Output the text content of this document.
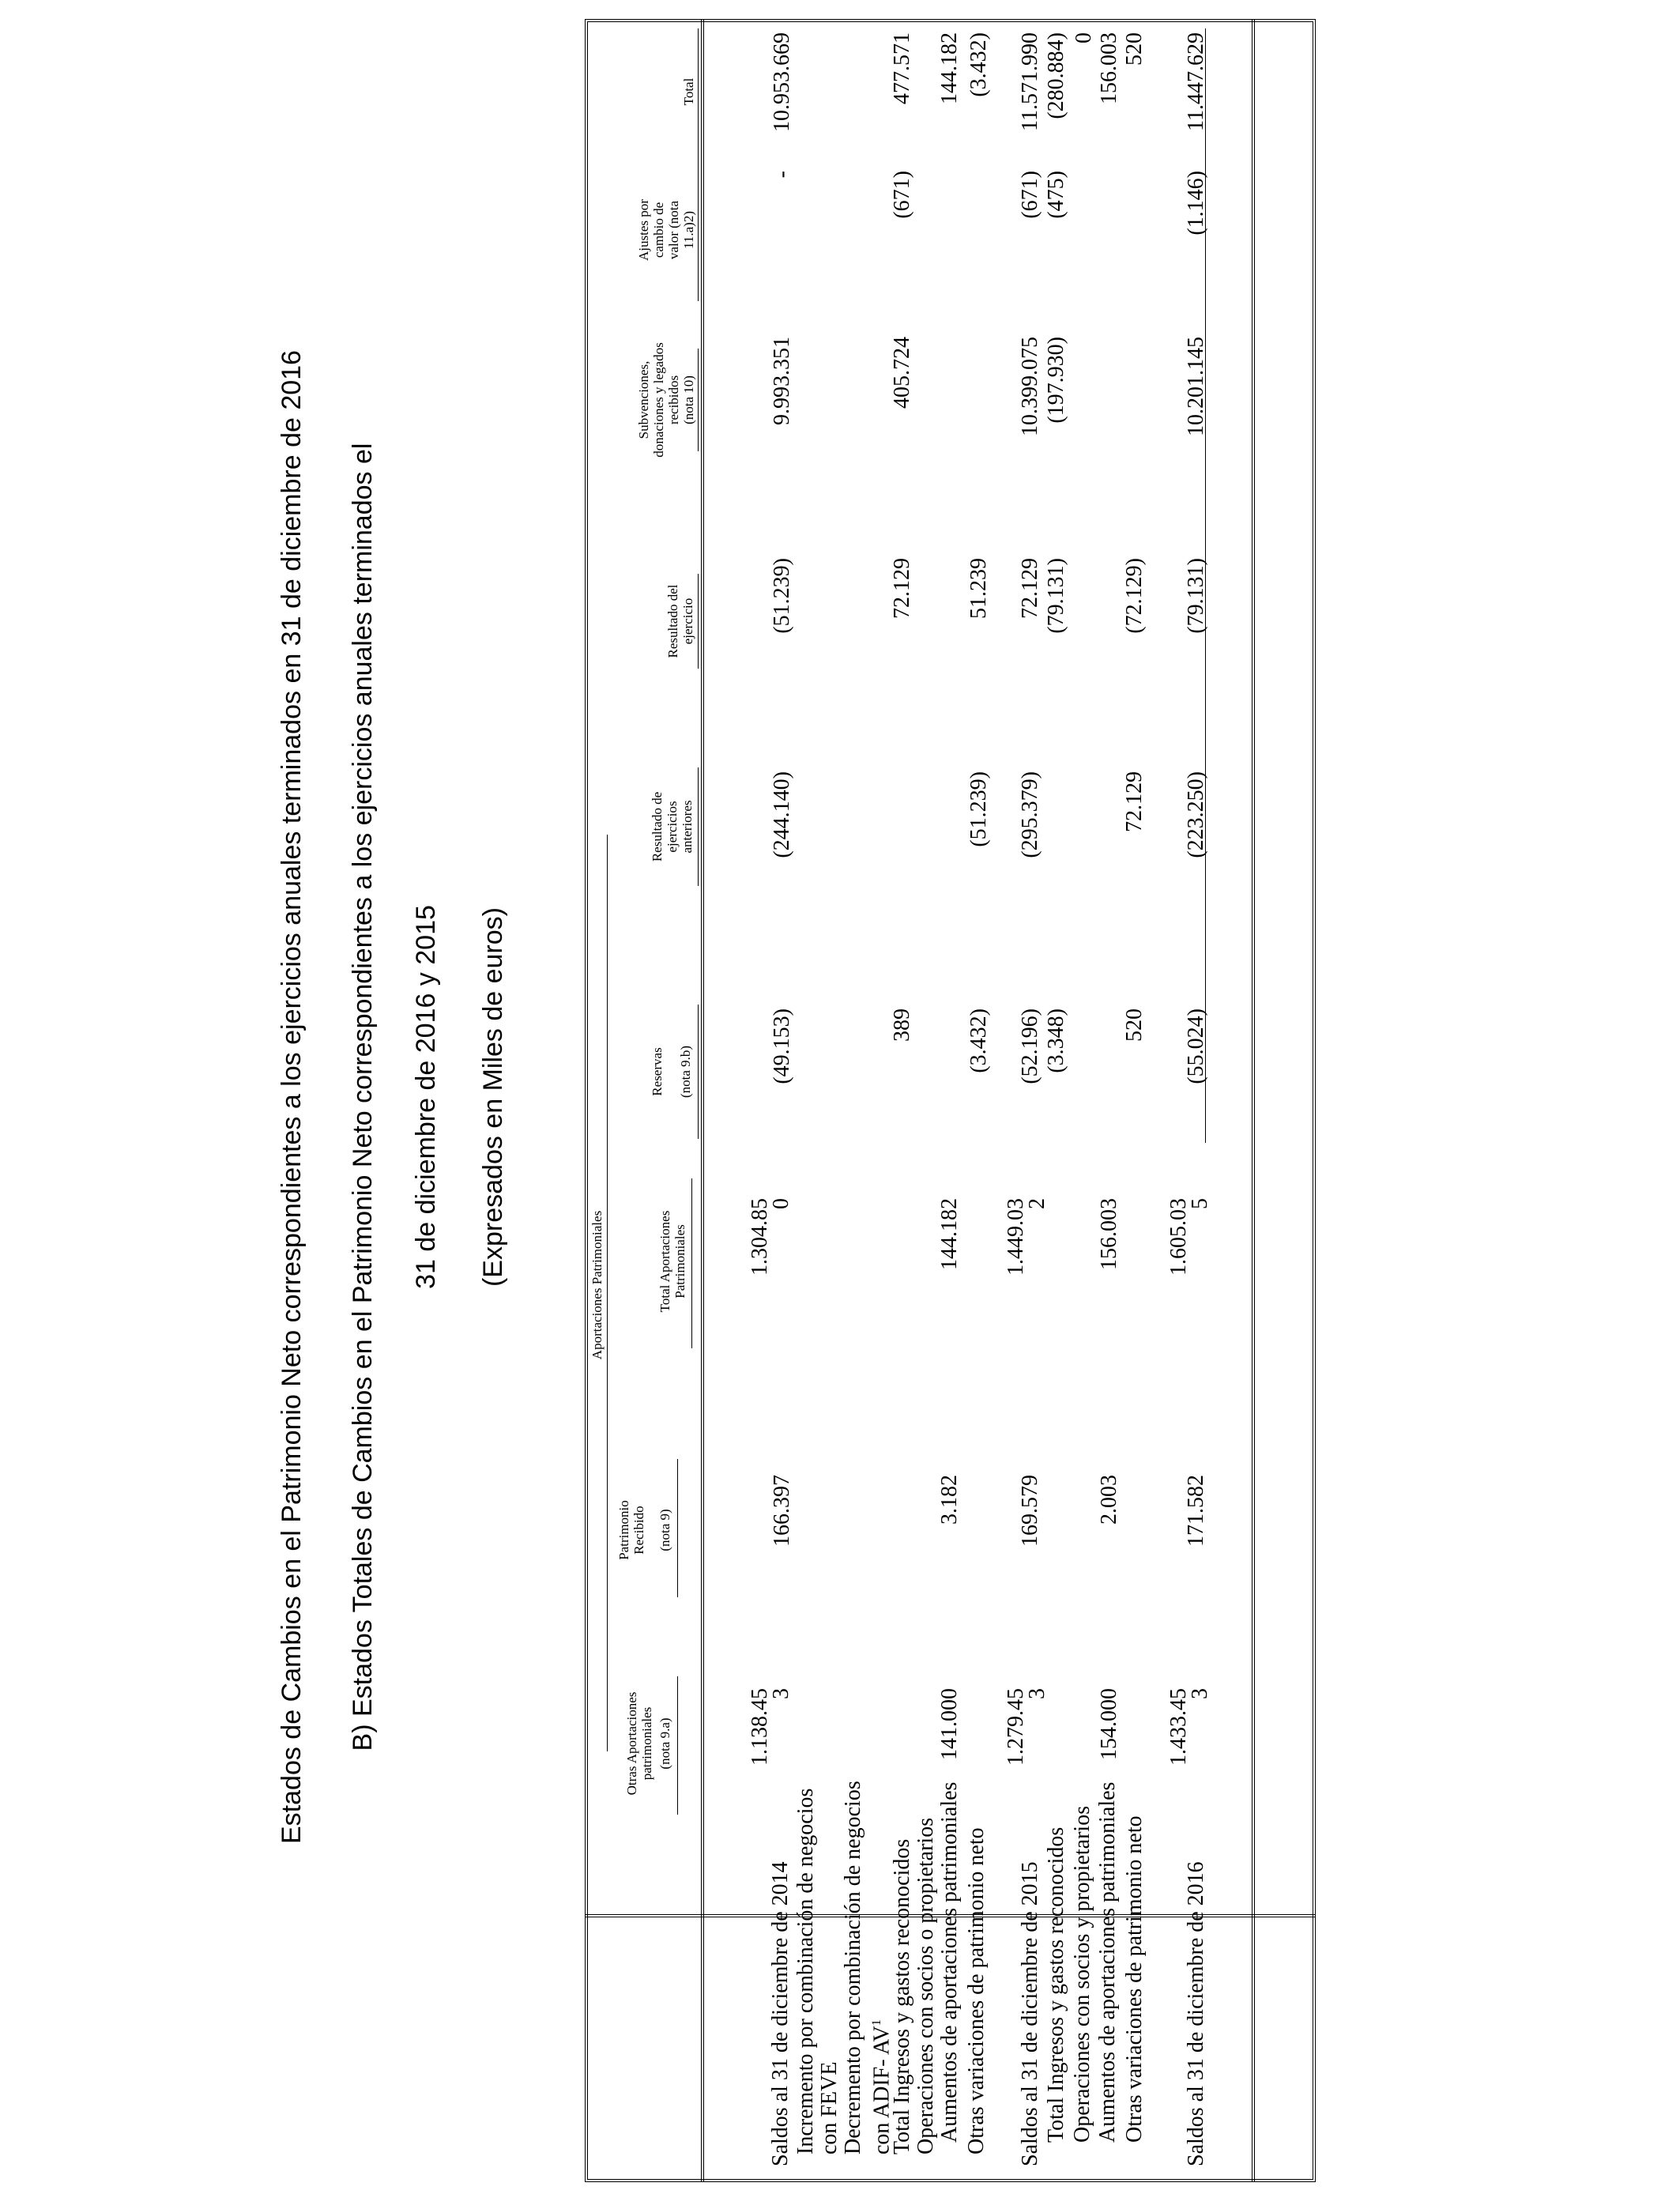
Estados de Cambios en el Patrimonio Neto correspondientes a los ejercicios anuales terminados en 31 de diciembre de 2016 B) Estados Totales de Cambios en el Patrimonio Neto correspondientes a los ejercicios anuales terminados el 31 de diciembre de 2016 y 2015 (Expresados en Miles de euros)	Aportaciones Patrimoniales
Otras Aportaciones
patrimoniales (nota 9.a)
Patrimonio
Recibido (nota 9)
Total Aportaciones
Patrimoniales
Reservas (nota 9.b)
Resultado de
ejercicios
anteriores
Resultado del
ejercicio
Subvenciones,
donaciones y legados
recibidos
(nota 10)
Ajustes por
cambio de
valor (nota
11.a)2)
Total
Saldos al 31 de diciembre de 2014
1.138.45
3
166.397
1.304.85
0
(49.153)
(244.140)
(51.239)
9.993.351
-
10.953.669
Incremento por combinación de negocios con FEVE Decremento por combinación de negocios con ADIF- $AV^1$ Total Ingresos y gastos reconocidos
389
72.129
405.724
(671)
477.571
Operaciones con socios o propietarios Aumentos de aportaciones patrimoniales
141.000
3.182
144.182
144.182
Otras variaciones de patrimonio neto
(3.432)
(51.239)
51.239
(3.432)
Saldos al 31 de diciembre de 2015
1.279.45
3
169.579
1.449.03
2
(52.196)
(295.379)
72.129
10.399.075
(671)
11.571.990
Total Ingresos y gastos reconocidos
(3.348)
(79.131)
(197.930)
(475)
(280.884)
Operaciones con socios y propietarios
0
Aumentos de aportaciones patrimoniales
154.000
2.003
156.003
156.003
Otras variaciones de patrimonio neto
520
72.129
(72.129)
520
Saldos al 31 de diciembre de 2016
1.433.45
3
171.582
1.605.03
5
(55.024)
(223.250)
(79.131)
10.201.145
(1.146)
11.447.629
